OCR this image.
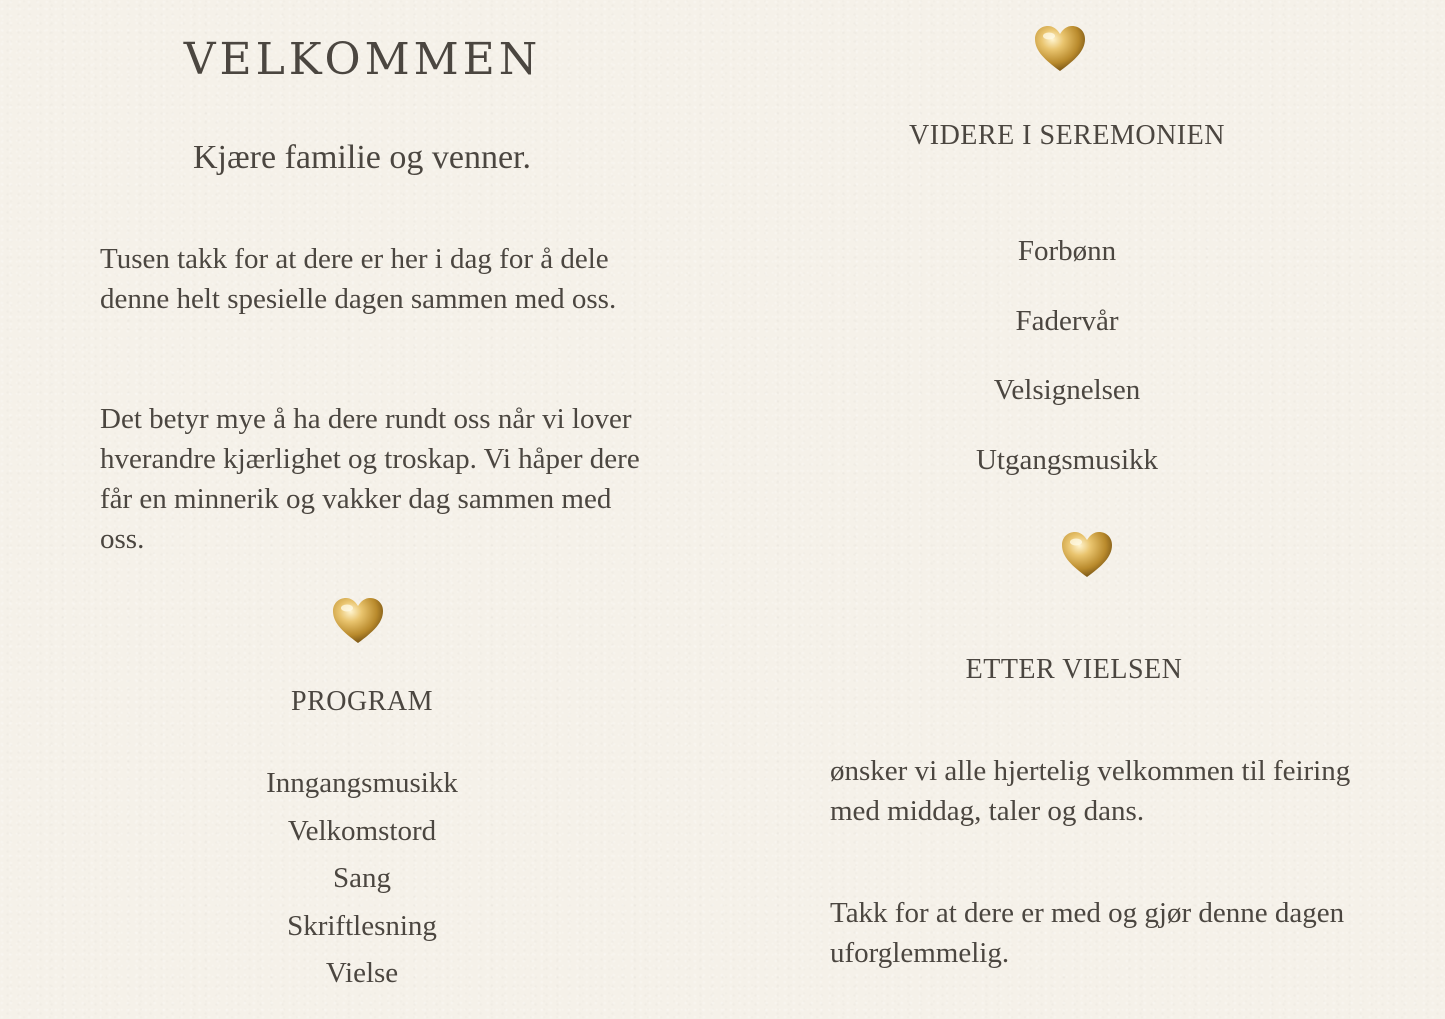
VELKOMMEN
Kjære familie og venner.

Tusen takk for at dere er her i dag for å dele denne helt spesielle dagen sammen med oss.

Det betyr mye å ha dere rundt oss når vi lover hverandre kjærlighet og troskap. Vi håper dere får en minnerik og vakker dag sammen med oss.

PROGRAM
Inngangsmusikk
Velkomstord
Sang
Skriftlesning
Vielse
VIDERE I SEREMONIEN
Forbønn
Fadervår
Velsignelsen
Utgangsmusikk
ETTER VIELSEN

ønsker vi alle hjertelig velkommen til feiring med middag, taler og dans.

Takk for at dere er med og gjør denne dagen uforglemmelig.
